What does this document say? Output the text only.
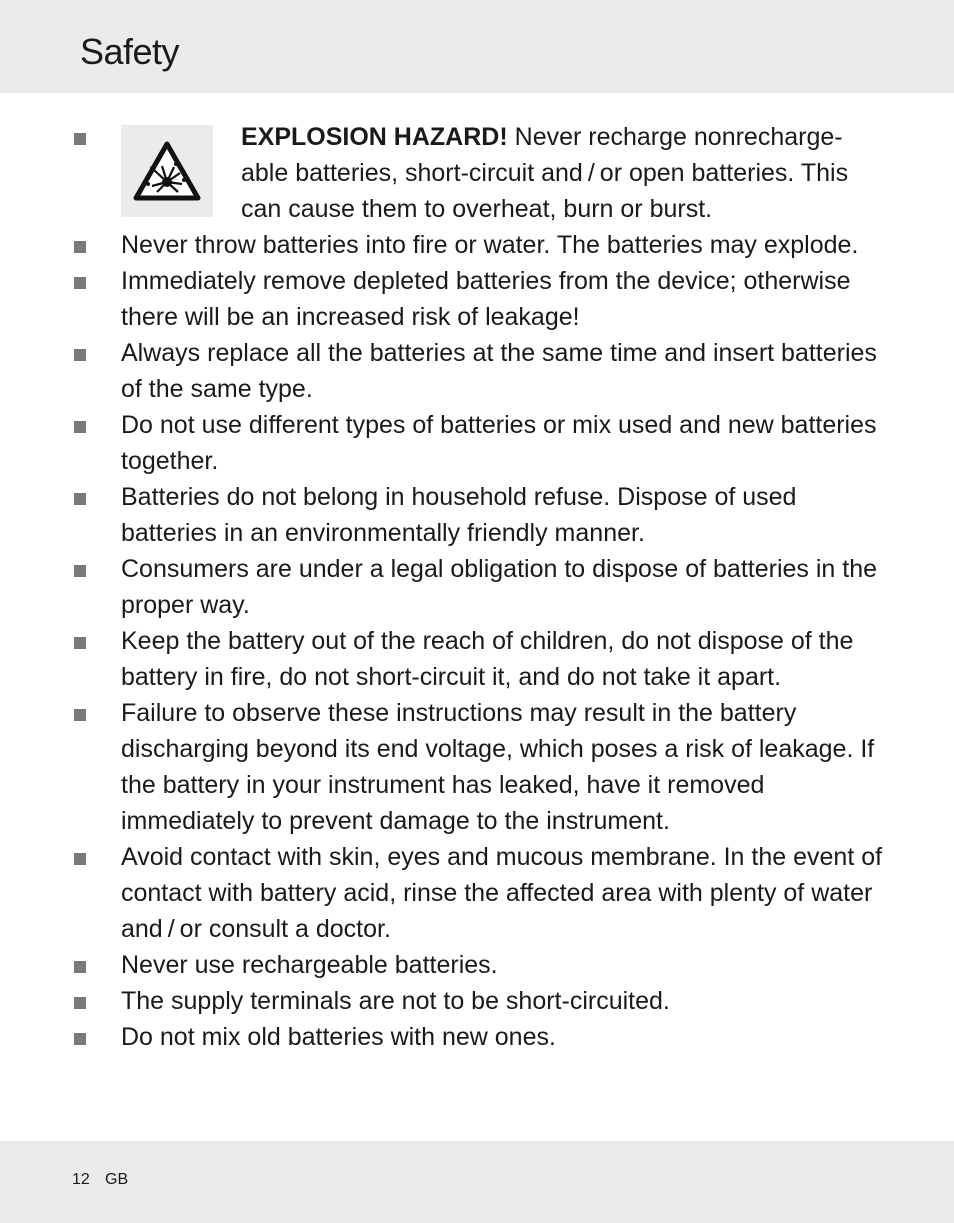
Safety
EXPLOSION HAZARD! Never recharge nonrecharge-able batteries, short-circuit and / or open batteries. This can cause them to overheat, burn or burst.
Never throw batteries into fire or water. The batteries may explode.
Immediately remove depleted batteries from the device; otherwise there will be an increased risk of leakage!
Always replace all the batteries at the same time and insert batteries of the same type.
Do not use different types of batteries or mix used and new batteries together.
Batteries do not belong in household refuse. Dispose of used batteries in an environmentally friendly manner.
Consumers are under a legal obligation to dispose of batteries in the proper way.
Keep the battery out of the reach of children, do not dispose of the battery in fire, do not short-circuit it, and do not take it apart.
Failure to observe these instructions may result in the battery discharging beyond its end voltage, which poses a risk of leakage. If the battery in your instrument has leaked, have it removed immediately to prevent damage to the instrument.
Avoid contact with skin, eyes and mucous membrane. In the event of contact with battery acid, rinse the affected area with plenty of water and / or consult a doctor.
Never use rechargeable batteries.
The supply terminals are not to be short-circuited.
Do not mix old batteries with new ones.
12 GB
